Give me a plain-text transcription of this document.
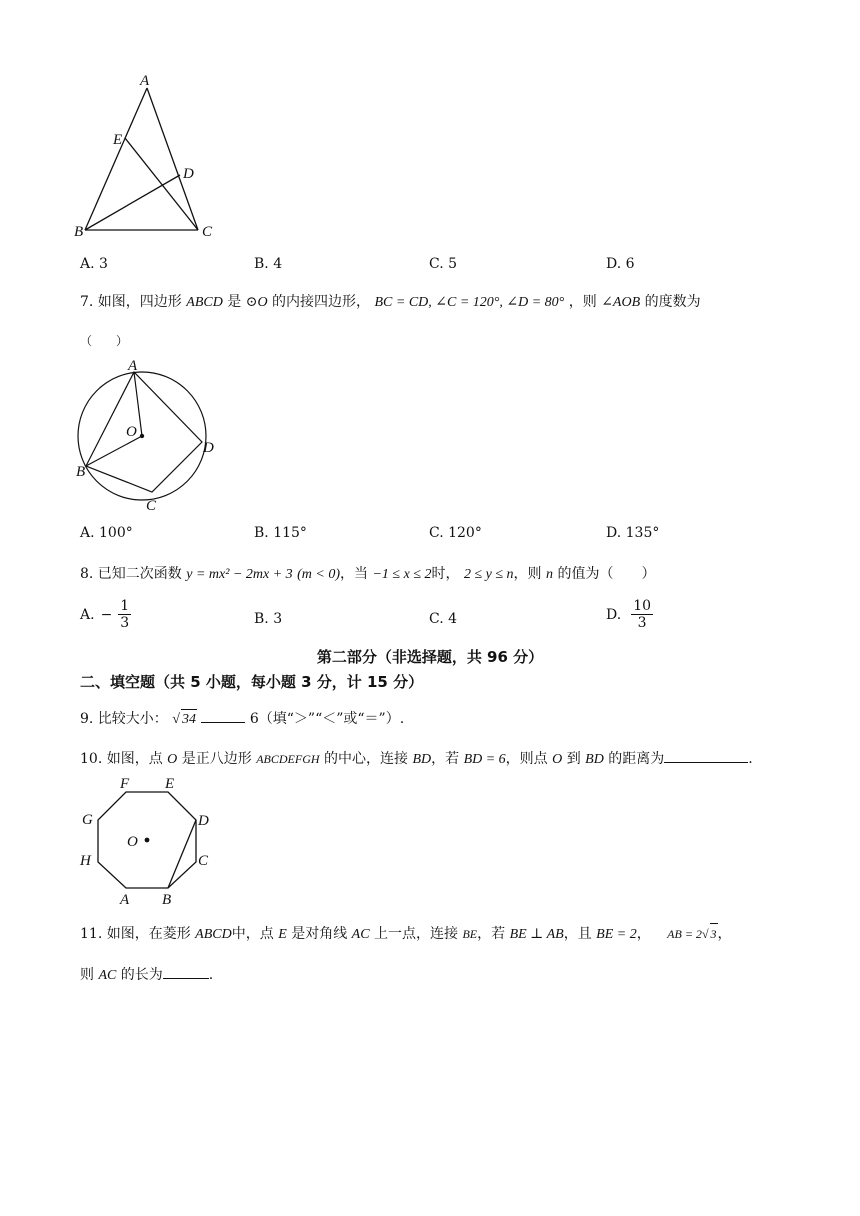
A
E
D
B	C
A. 3	B. 4	C. 5	D. 6
7. 如图，四边形 ABCD 是 ⊙O 的内接四边形， BC = CD, ∠C = 120°, ∠D = 80° ，则 ∠AOB 的度数为
（　　）
A
O
D
B
C
A. 100°	B. 115°	C. 120°	D. 135°
8. 已知二次函数 y = mx² − 2mx + 3 (m < 0)，当 −1 ≤ x ≤ 2时， 2 ≤ y ≤ n，则 n 的值为（　　）
A. − $\frac{1}{3}$	B. 3	C. 4	D. $\frac{10}{3}$
第二部分（非选择题，共 96 分）
二、填空题（共 5 小题，每小题 3 分，计 15 分）
9. 比较大小： √ 34	6（填“＞”“＜”或“＝”）.
10. 如图，点 O 是正八边形 ABCDEFGH 的中心，连接 BD，若 BD = 6，则点 O 到 BD 的距离为	.
F E
G	D
O
H	C
A B
11. 如图，在菱形 ABCD中，点 E 是对角线 AC 上一点，连接 BE，若 BE ⊥ AB，且 BE = 2， AB = 2√ 3，
则 AC 的长为	.
